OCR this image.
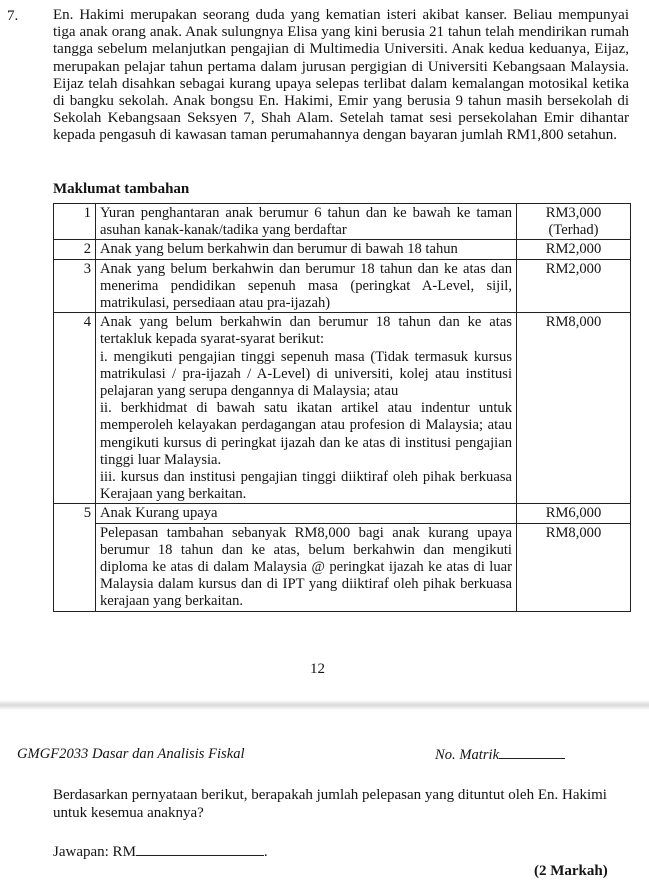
7. En. Hakimi merupakan seorang duda yang kematian isteri akibat kanser. Beliau mempunyai tiga anak orang anak. Anak sulungnya Elisa yang kini berusia 21 tahun telah mendirikan rumah tangga sebelum melanjutkan pengajian di Multimedia Universiti. Anak kedua keduanya, Eijaz, merupakan pelajar tahun pertama dalam jurusan pergigian di Universiti Kebangsaan Malaysia. Eijaz telah disahkan sebagai kurang upaya selepas terlibat dalam kemalangan motosikal ketika di bangku sekolah. Anak bongsu En. Hakimi, Emir yang berusia 9 tahun masih bersekolah di Sekolah Kebangsaan Seksyen 7, Shah Alam. Setelah tamat sesi persekolahan Emir dihantar kepada pengasuh di kawasan taman perumahannya dengan bayaran jumlah RM1,800 setahun.

Maklumat tambahan
1	Yuran penghantaran anak berumur 6 tahun dan ke bawah ke taman asuhan kanak-kanak/tadika yang berdaftar	RM3,000
(Terhad)

2	Anak yang belum berkahwin dan berumur di bawah 18 tahun	RM2,000
3	Anak yang belum berkahwin dan berumur 18 tahun dan ke atas dan menerima pendidikan sepenuh masa (peringkat A-Level, sijil, matrikulasi, persediaan atau pra-ijazah)	RM2,000
4	Anak yang belum berkahwin dan berumur 18 tahun dan ke atas tertakluk kepada syarat-syarat berikut:
i. mengikuti pengajian tinggi sepenuh masa (Tidak termasuk kursus matrikulasi / pra-ijazah / A-Level) di universiti, kolej atau institusi pelajaran yang serupa dengannya di Malaysia; atau
ii. berkhidmat di bawah satu ikatan artikel atau indentur untuk memperoleh kelayakan perdagangan atau profesion di Malaysia; atau mengikuti kursus di peringkat ijazah dan ke atas di institusi pengajian tinggi luar Malaysia.
iii. kursus dan institusi pengajian tinggi diiktiraf oleh pihak berkuasa Kerajaan yang berkaitan.	RM8,000
5	Anak Kurang upaya	RM6,000
	Pelepasan tambahan sebanyak RM8,000 bagi anak kurang upaya berumur 18 tahun dan ke atas, belum berkahwin dan mengikuti diploma ke atas di dalam Malaysia @ peringkat ijazah ke atas di luar Malaysia dalam kursus dan di IPT yang diiktiraf oleh pihak berkuasa kerajaan yang berkaitan.	RM8,000
12
GMGF2033 Dasar dan Analisis Fiskal	No. Matrik

Berdasarkan pernyataan berikut, berapakah jumlah pelepasan yang dituntut oleh En. Hakimi untuk kesemua anaknya?

Jawapan: RM	.
(2 Markah)
